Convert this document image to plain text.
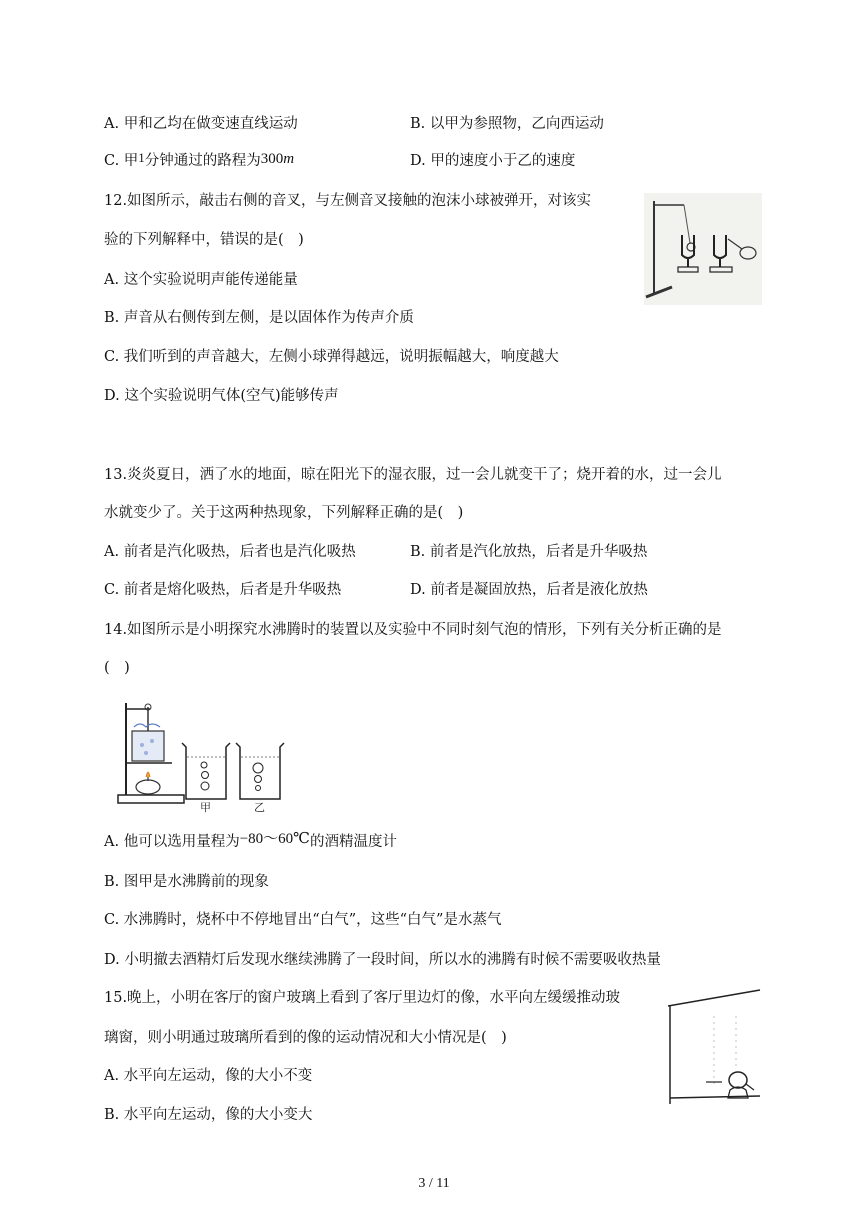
A. 甲和乙均在做变速直线运动	B. 以甲为参照物，乙向西运动
C. 甲1分钟通过的路程为300m	D. 甲的速度小于乙的速度
12.如图所示，敲击右侧的音叉，与左侧音叉接触的泡沫小球被弹开，对该实
验的下列解释中，错误的是(　)
A. 这个实验说明声能传递能量
B. 声音从右侧传到左侧，是以固体作为传声介质
C. 我们听到的声音越大，左侧小球弹得越远，说明振幅越大，响度越大
D. 这个实验说明气体(空气)能够传声
13.炎炎夏日，洒了水的地面，晾在阳光下的湿衣服，过一会儿就变干了；烧开着的水，过一会儿
水就变少了。关于这两种热现象，下列解释正确的是(　)
A. 前者是汽化吸热，后者也是汽化吸热	B. 前者是汽化放热，后者是升华吸热
C. 前者是熔化吸热，后者是升华吸热	D. 前者是凝固放热，后者是液化放热
14.如图所示是小明探究水沸腾时的装置以及实验中不同时刻气泡的情形，下列有关分析正确的是
(　)
甲	乙
A. 他可以选用量程为−80～60℃的酒精温度计
B. 图甲是水沸腾前的现象
C. 水沸腾时，烧杯中不停地冒出“白气”，这些“白气”是水蒸气
D. 小明撤去酒精灯后发现水继续沸腾了一段时间，所以水的沸腾有时候不需要吸收热量
15.晚上，小明在客厅的窗户玻璃上看到了客厅里边灯的像，水平向左缓缓推动玻
璃窗，则小明通过玻璃所看到的像的运动情况和大小情况是(　)
A. 水平向左运动，像的大小不变
B. 水平向左运动，像的大小变大
3 / 11
